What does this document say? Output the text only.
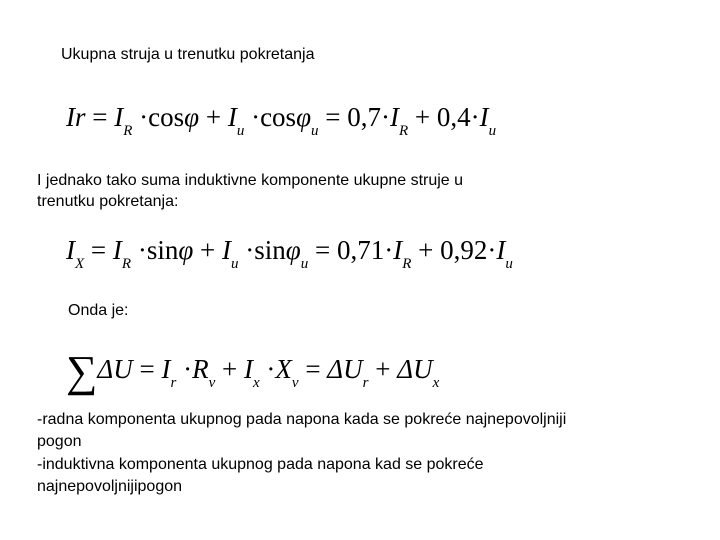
Ukupna struja u trenutku pokretanja
$Ir = I_R \cdot\cos\varphi + I_u \cdot\cos\varphi_u = 0,7\cdot I_R + 0,4\cdot I_u$
I jednako tako suma induktivne komponente ukupne struje u
trenutku pokretanja:
$I_X = I_R \cdot\sin\varphi + I_u \cdot\sin\varphi_u = 0,71\cdot I_R + 0,92\cdot I_u$
Onda je:
$\sum\Delta U = I_r \cdot R_v + I_x \cdot X_v = \Delta U_r + \Delta U_x$
-radna komponenta ukupnog pada napona kada se pokreće najnepovoljniji
pogon
-induktivna komponenta ukupnog pada napona kad se pokreće
najnepovoljnijipogon
